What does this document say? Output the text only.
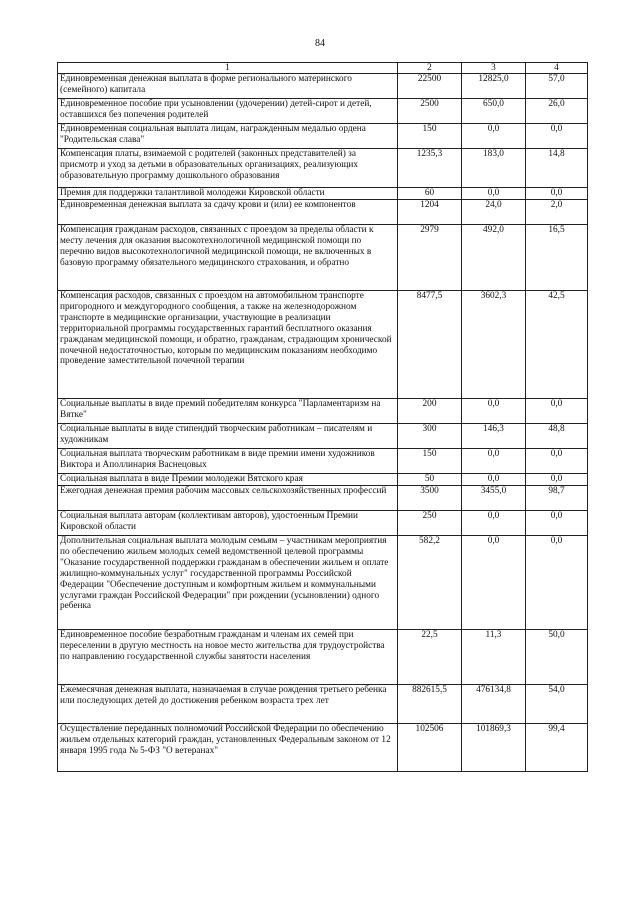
84
1	2	3	4
Единовременная денежная выплата в форме регионального материнского (семейного) капитала	22500	12825,0	57,0
Единовременное пособие при усыновлении (удочерении) детей-сирот и детей, оставшихся без попечения родителей	2500	650,0	26,0
Единовременная социальная выплата лицам, награжденным медалью ордена "Родительская слава"	150	0,0	0,0
Компенсация платы, взимаемой с родителей (законных представителей) за присмотр и уход за детьми в образовательных организациях, реализующих образовательную программу дошкольного образования	1235,3	183,0	14,8
Премия для поддержки талантливой молодежи Кировской области	60	0,0	0,0
Единовременная денежная выплата за сдачу крови и (или) ее компонентов	1204	24,0	2,0
Компенсация гражданам расходов, связанных с проездом за пределы области к месту лечения для оказания высокотехнологичной медицинской помощи по перечню видов высокотехнологичной медицинской помощи, не включенных в базовую программу обязательного медицинского страхования, и обратно	2979	492,0	16,5
Компенсация расходов, связанных с проездом на автомобильном транспорте пригородного и междугородного сообщения, а также на железнодорожном транспорте в медицинские организации, участвующие в реализации территориальной программы государственных гарантий бесплатного оказания гражданам медицинской помощи, и обратно, гражданам, страдающим хронической почечной недостаточностью, которым по медицинским показаниям необходимо проведение заместительной почечной терапии	8477,5	3602,3	42,5
Социальные выплаты в виде премий победителям конкурса "Парламентаризм на Вятке"	200	0,0	0,0
Социальные выплаты в виде стипендий творческим работникам – писателям и художникам	300	146,3	48,8
Социальная выплата творческим работникам в виде премии имени художников Виктора и Аполлинария Васнецовых	150	0,0	0,0
Социальная выплата в виде Премии молодежи Вятского края	50	0,0	0,0
Ежегодная денежная премия рабочим массовых сельскохозяйственных профессий	3500	3455,0	98,7
Социальная выплата авторам (коллективам авторов), удостоенным Премии Кировской области	250	0,0	0,0
Дополнительная социальная выплата молодым семьям – участникам мероприятия по обеспечению жильем молодых семей ведомственной целевой программы "Оказание государственной поддержки гражданам в обеспечении жильем и оплате жилищно-коммунальных услуг" государственной программы Российской Федерации "Обеспечение доступным и комфортным жильем и коммунальными услугами граждан Российской Федерации" при рождении (усыновлении) одного ребенка	582,2	0,0	0,0
Единовременное пособие безработным гражданам и членам их семей при переселении в другую местность на новое место жительства для трудоустройства по направлению государственной службы занятости населения	22,5	11,3	50,0
Ежемесячная денежная выплата, назначаемая в случае рождения третьего ребенка или последующих детей до достижения ребенком возраста трех лет	882615,5	476134,8	54,0
Осуществление переданных полномочий Российской Федерации по обеспечению жильем отдельных категорий граждан, установленных Федеральным законом от 12 января 1995 года № 5-ФЗ "О ветеранах"	102506	101869,3	99,4
